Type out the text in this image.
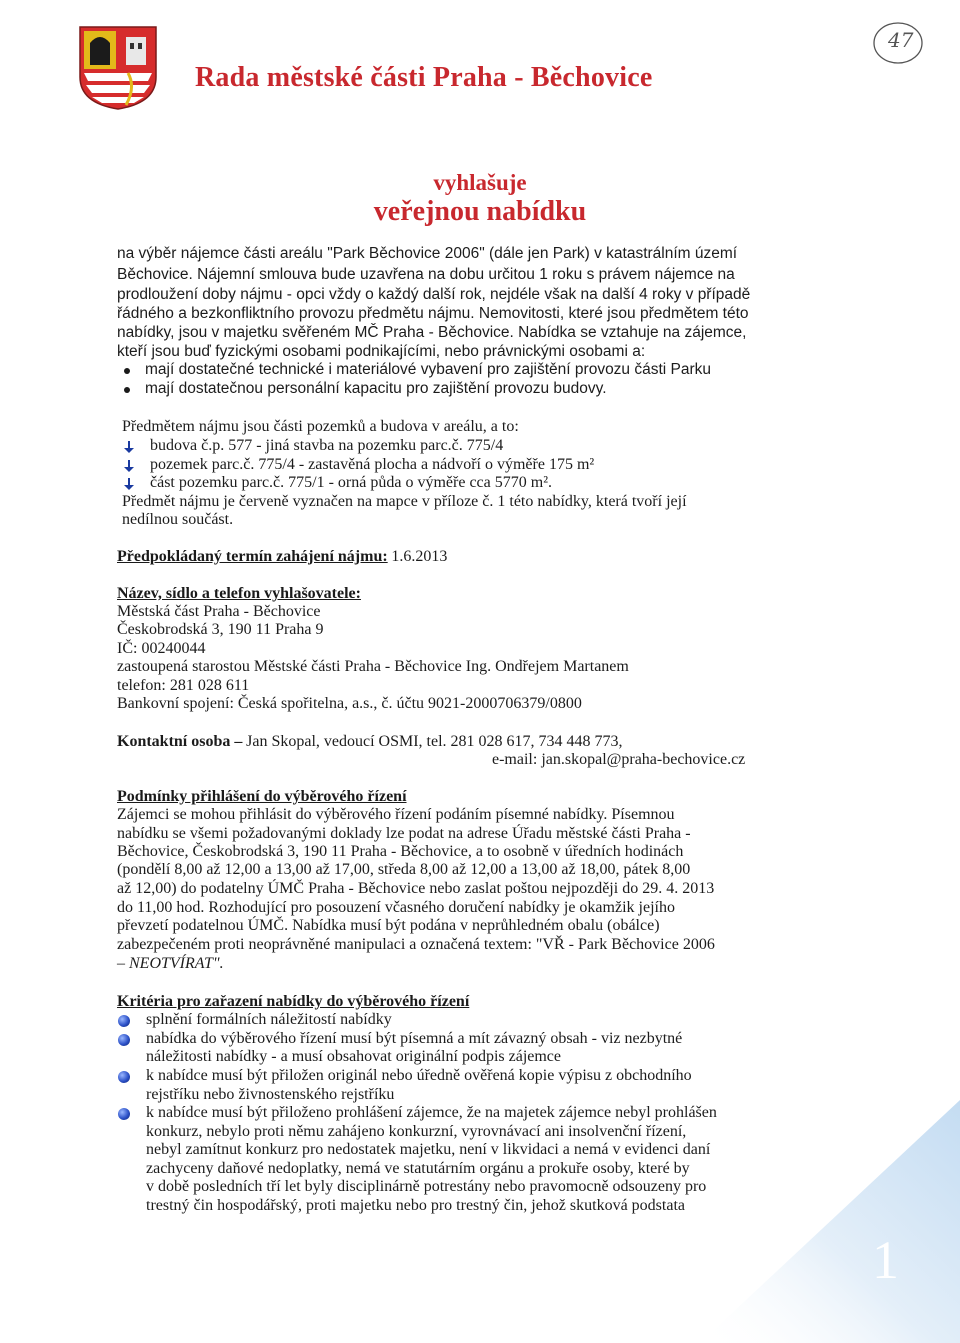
Rada městské části Praha - Běchovice
47
vyhlašuje
veřejnou nabídku
na výběr nájemce části areálu "Park Běchovice 2006" (dále jen Park) v katastrálním území
Běchovice. Nájemní smlouva bude uzavřena na dobu určitou 1 roku s právem nájemce na
prodloužení doby nájmu - opci vždy o každý další rok, nejdéle však na další 4 roky v případě
řádného a bezkonfliktního provozu předmětu nájmu. Nemovitosti, které jsou předmětem této
nabídky, jsou v majetku svěřeném MČ Praha - Běchovice. Nabídka se vztahuje na zájemce,
kteří jsou buď fyzickými osobami podnikajícími, nebo právnickými osobami a:
mají dostatečné technické i materiálové vybavení pro zajištění provozu části Parku
mají dostatečnou personální kapacitu pro zajištění provozu budovy.
Předmětem nájmu jsou části pozemků a budova v areálu, a to:
budova č.p. 577 - jiná stavba na pozemku parc.č. 775/4
pozemek parc.č. 775/4 - zastavěná plocha a nádvoří o výměře 175 m²
část pozemku parc.č. 775/1 - orná půda o výměře cca 5770 m².
Předmět nájmu je červeně vyznačen na mapce v příloze č. 1 této nabídky, která tvoří její
nedílnou součást.
Předpokládaný termín zahájení nájmu: 1.6.2013
Název, sídlo a telefon vyhlašovatele:
Městská část Praha - Běchovice
Českobrodská 3, 190 11 Praha 9
IČ: 00240044
zastoupená starostou Městské části Praha - Běchovice Ing. Ondřejem Martanem
telefon: 281 028 611
Bankovní spojení: Česká spořitelna, a.s., č. účtu 9021-2000706379/0800
Kontaktní osoba – Jan Skopal, vedoucí OSMI, tel. 281 028 617, 734 448 773,
e-mail: jan.skopal@praha-bechovice.cz
Podmínky přihlášení do výběrového řízení
Zájemci se mohou přihlásit do výběrového řízení podáním písemné nabídky. Písemnou
nabídku se všemi požadovanými doklady lze podat na adrese Úřadu městské části Praha -
Běchovice, Českobrodská 3, 190 11 Praha - Běchovice, a to osobně v úředních hodinách
(pondělí 8,00 až 12,00 a 13,00 až 17,00, středa 8,00 až 12,00 a 13,00 až 18,00, pátek 8,00
až 12,00) do podatelny ÚMČ Praha - Běchovice nebo zaslat poštou nejpozději do 29. 4. 2013
do 11,00 hod. Rozhodující pro posouzení včasného doručení nabídky je okamžik jejího
převzetí podatelnou ÚMČ. Nabídka musí být podána v neprůhledném obalu (obálce)
zabezpečeném proti neoprávněné manipulaci a označená textem: "VŘ - Park Běchovice 2006
– NEOTVÍRAT".
Kritéria pro zařazení nabídky do výběrového řízení
splnění formálních náležitostí nabídky
nabídka do výběrového řízení musí být písemná a mít závazný obsah - viz nezbytné
náležitosti nabídky - a musí obsahovat originální podpis zájemce
k nabídce musí být přiložen originál nebo úředně ověřená kopie výpisu z obchodního
rejstříku nebo živnostenského rejstříku
k nabídce musí být přiloženo prohlášení zájemce, že na majetek zájemce nebyl prohlášen
konkurz, nebylo proti němu zahájeno konkurzní, vyrovnávací ani insolvenční řízení,
nebyl zamítnut konkurz pro nedostatek majetku, není v likvidaci a nemá v evidenci daní
zachyceny daňové nedoplatky, nemá ve statutárním orgánu a prokuře osoby, které by
v době posledních tří let byly disciplinárně potrestány nebo pravomocně odsouzeny pro
trestný čin hospodářský, proti majetku nebo pro trestný čin, jehož skutková podstata
1
